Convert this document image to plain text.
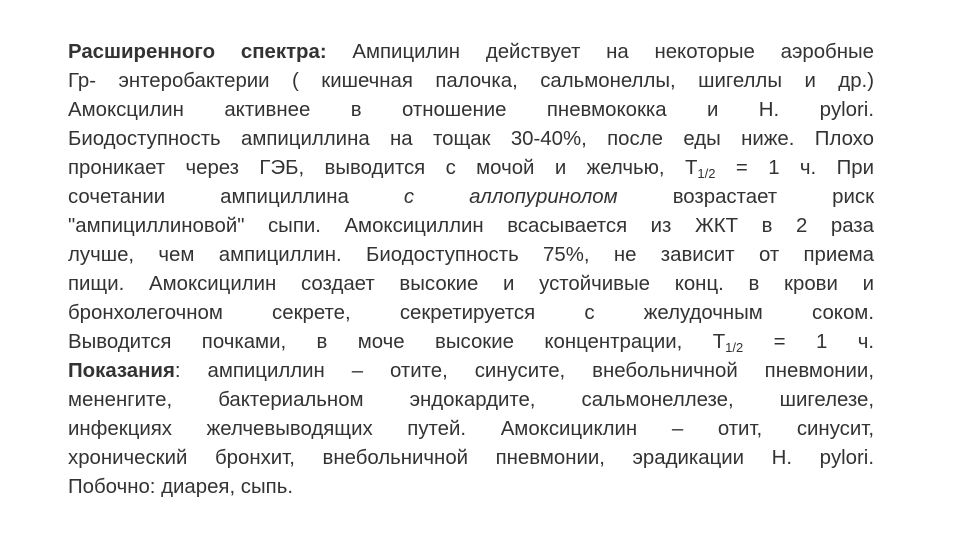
Расширенного спектра: Ампицилин действует на некоторые аэробные
Гр- энтеробактерии ( кишечная палочка, сальмонеллы, шигеллы и др.)
Амоксцилин активнее в отношение пневмококка и H. pylori.
Биодоступность ампициллина на тощак 30-40%, после еды ниже. Плохо
проникает через ГЭБ, выводится с мочой и желчью, $Т_{1/2} = 1$ ч. При
сочетании ампициллина с аллопуринолом возрастает риск
"ампициллиновой" сыпи. Амоксициллин всасывается из ЖКТ в 2 раза
лучше, чем ампициллин. Биодоступность 75%, не зависит от приема
пищи. Амоксицилин создает высокие и устойчивые конц. в крови и
бронхолегочном секрете, секретируется с желудочным соком.
Выводится почками, в моче высокие концентрации, $Т_{1/2} = 1$ ч.
Показания: ампициллин – отите, синусите, внебольничной пневмонии,
мененгите, бактериальном эндокардите, сальмонеллезе, шигелезе,
инфекциях желчевыводящих путей. Амоксициклин – отит, синусит,
хронический бронхит, внебольничной пневмонии, эрадикации H. pylori.
Побочно: диарея, сыпь.
